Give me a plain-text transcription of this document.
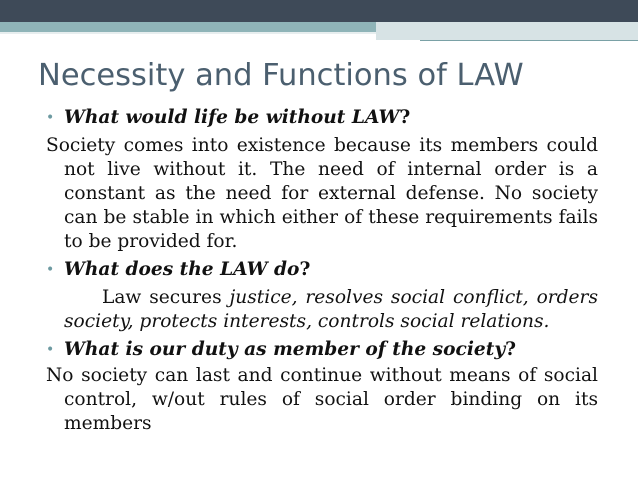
Necessity and Functions of LAW
• What would life be without LAW?
Society comes into existence because its members could not live without it. The need of internal order is a constant as the need for external defense. No society can be stable in which either of these requirements fails to be provided for.
• What does the LAW do?
Law secures justice, resolves social conflict, orders society, protects interests, controls social relations.
• What is our duty as member of the society?
No society can last and continue without means of social control, w/out rules of social order binding on its members
